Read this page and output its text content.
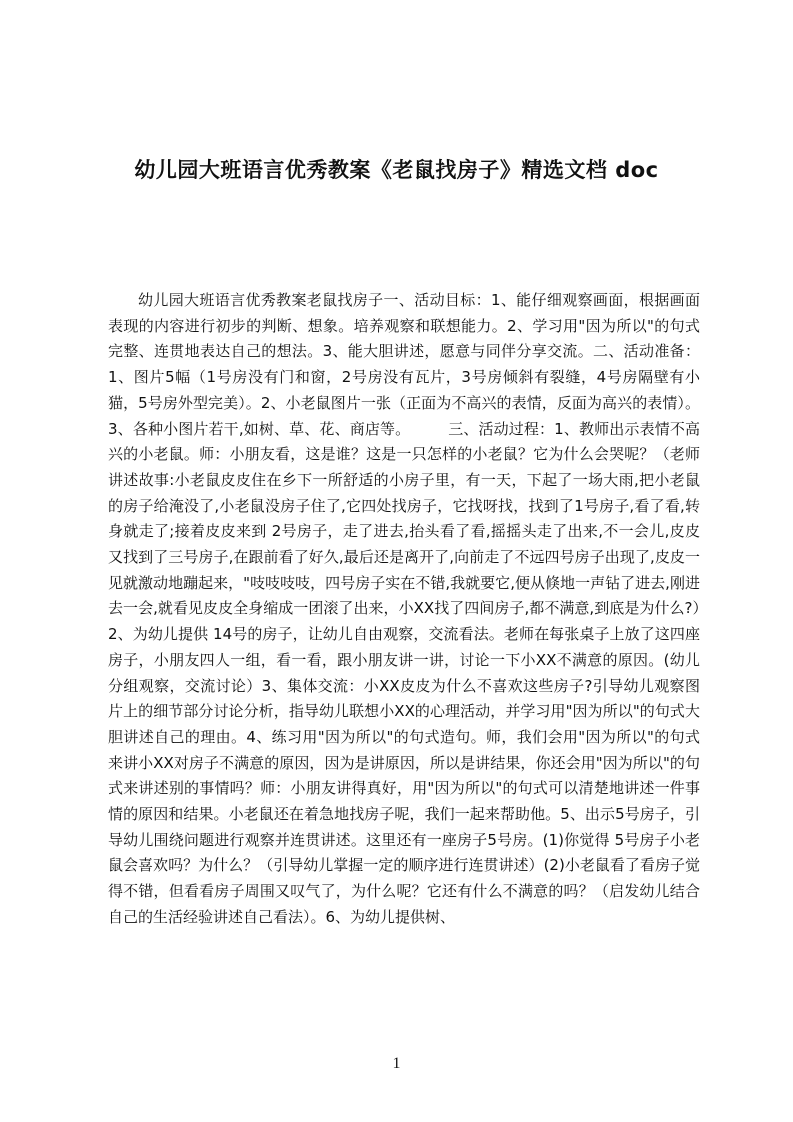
幼儿园大班语言优秀教案《老鼠找房子》精选文档 doc

幼儿园大班语言优秀教案老鼠找房子一、活动目标：1、能仔细观察画面，根据画面表现的内容进行初步的判断、想象。培养观察和联想能力。2、学习用"因为所以"的句式完整、连贯地表达自己的想法。3、能大胆讲述，愿意与同伴分享交流。二、活动准备：1、图片5幅（1号房没有门和窗，2号房没有瓦片，3号房倾斜有裂缝，4号房隔壁有小猫，5号房外型完美）。2、小老鼠图片一张（正面为不高兴的表情，反面为高兴的表情）。3、各种小图片若干,如树、草、花、商店等。　　　三、活动过程：1、教师出示表情不高兴的小老鼠。师：小朋友看，这是谁？这是一只怎样的小老鼠？它为什么会哭呢？（老师讲述故事:小老鼠皮皮住在乡下一所舒适的小房子里，有一天，下起了一场大雨,把小老鼠的房子给淹没了,小老鼠没房子住了,它四处找房子，它找呀找，找到了1号房子,看了看,转身就走了;接着皮皮来到 2号房子，走了进去,抬头看了看,摇摇头走了出来,不一会儿,皮皮又找到了三号房子,在跟前看了好久,最后还是离开了,向前走了不远四号房子出现了,皮皮一见就激动地蹦起来，"吱吱吱吱，四号房子实在不错,我就要它,便从倏地一声钻了进去,刚进去一会,就看见皮皮全身缩成一团滚了出来，小XX找了四间房子,都不满意,到底是为什么?）2、为幼儿提供 14号的房子，让幼儿自由观察，交流看法。老师在每张桌子上放了这四座房子，小朋友四人一组，看一看，跟小朋友讲一讲，讨论一下小XX不满意的原因。(幼儿分组观察，交流讨论）3、集体交流：小XX皮皮为什么不喜欢这些房子?引导幼儿观察图片上的细节部分讨论分析，指导幼儿联想小XX的心理活动，并学习用"因为所以"的句式大胆讲述自己的理由。4、练习用"因为所以"的句式造句。师，我们会用"因为所以"的句式来讲小XX对房子不满意的原因，因为是讲原因，所以是讲结果，你还会用"因为所以"的句式来讲述别的事情吗？师：小朋友讲得真好，用"因为所以"的句式可以清楚地讲述一件事情的原因和结果。小老鼠还在着急地找房子呢，我们一起来帮助他。5、出示5号房子，引导幼儿围绕问题进行观察并连贯讲述。这里还有一座房子5号房。(1)你觉得 5号房子小老鼠会喜欢吗？为什么？（引导幼儿掌握一定的顺序进行连贯讲述）(2)小老鼠看了看房子觉得不错，但看看房子周围又叹气了，为什么呢？它还有什么不满意的吗？（启发幼儿结合自己的生活经验讲述自己看法）。6、为幼儿提供树、

1
